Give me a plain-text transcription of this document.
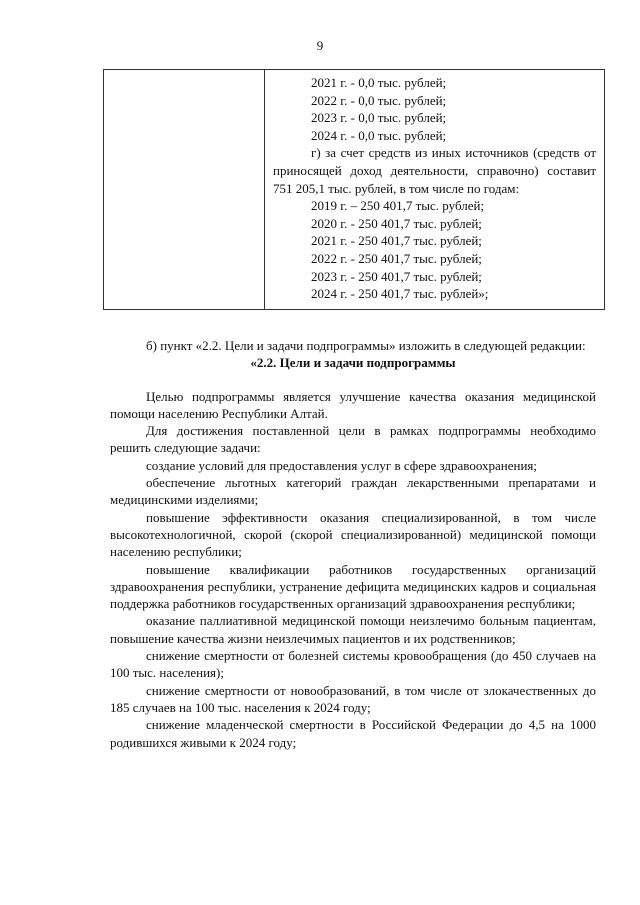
9

2021 г. - 0,0 тыс. рублей;
2022 г. - 0,0 тыс. рублей;
2023 г. - 0,0 тыс. рублей;
2024 г. - 0,0 тыс. рублей;
г) за счет средств из иных источников (средств от приносящей доход деятельности, справочно) составит 751 205,1 тыс. рублей, в том числе по годам:
2019 г. – 250 401,7 тыс. рублей;
2020 г. - 250 401,7 тыс. рублей;
2021 г. - 250 401,7 тыс. рублей;
2022 г. - 250 401,7 тыс. рублей;
2023 г. - 250 401,7 тыс. рублей;
2024 г. - 250 401,7 тыс. рублей»;

б) пункт «2.2. Цели и задачи подпрограммы» изложить в следующей редакции:

«2.2. Цели и задачи подпрограммы

Целью подпрограммы является улучшение качества оказания медицинской помощи населению Республики Алтай.

Для достижения поставленной цели в рамках подпрограммы необходимо решить следующие задачи:

создание условий для предоставления услуг в сфере здравоохранения;

обеспечение льготных категорий граждан лекарственными препаратами и медицинскими изделиями;

повышение эффективности оказания специализированной, в том числе высокотехнологичной, скорой (скорой специализированной) медицинской помощи населению республики;

повышение квалификации работников государственных организаций здравоохранения республики, устранение дефицита медицинских кадров и социальная поддержка работников государственных организаций здравоохранения республики;

оказание паллиативной медицинской помощи неизлечимо больным пациентам, повышение качества жизни неизлечимых пациентов и их родственников;

снижение смертности от болезней системы кровообращения (до 450 случаев на 100 тыс. населения);

снижение смертности от новообразований, в том числе от злокачественных до 185 случаев на 100 тыс. населения к 2024 году;

снижение младенческой смертности в Российской Федерации до 4,5 на 1000 родившихся живыми к 2024 году;
